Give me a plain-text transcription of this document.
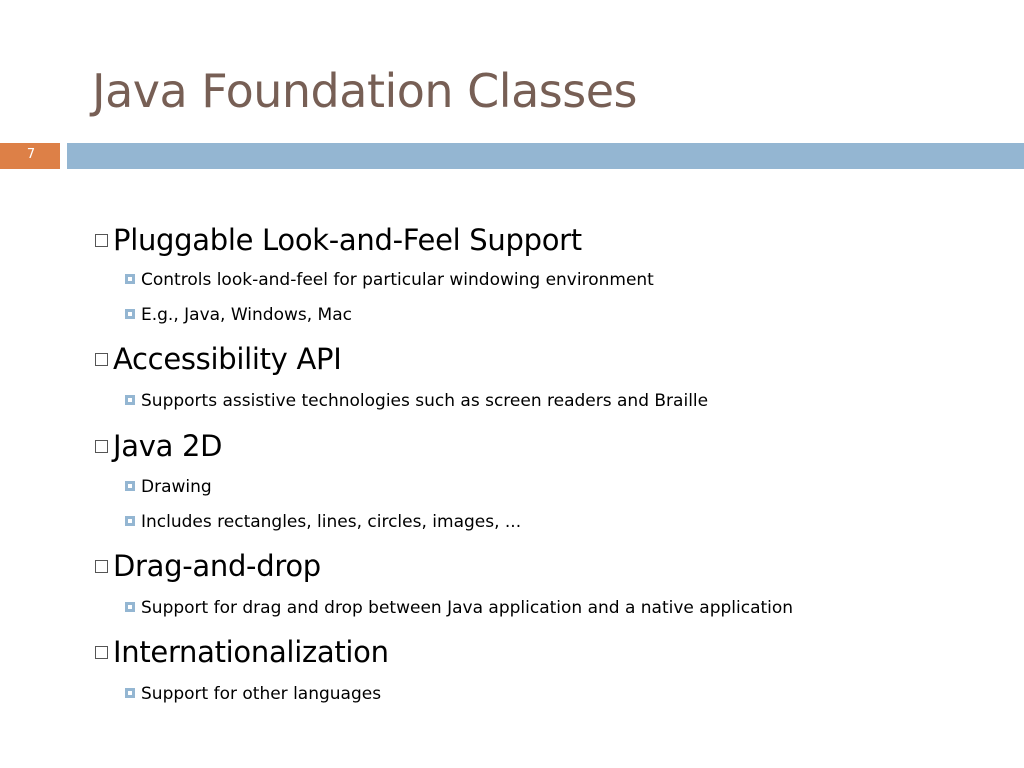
Java Foundation Classes
7
Pluggable Look-and-Feel Support
Controls look-and-feel for particular windowing environment
E.g., Java, Windows, Mac
Accessibility API
Supports assistive technologies such as screen readers and Braille
Java 2D
Drawing
Includes rectangles, lines, circles, images, ...
Drag-and-drop
Support for drag and drop between Java application and a native application
Internationalization
Support for other languages
